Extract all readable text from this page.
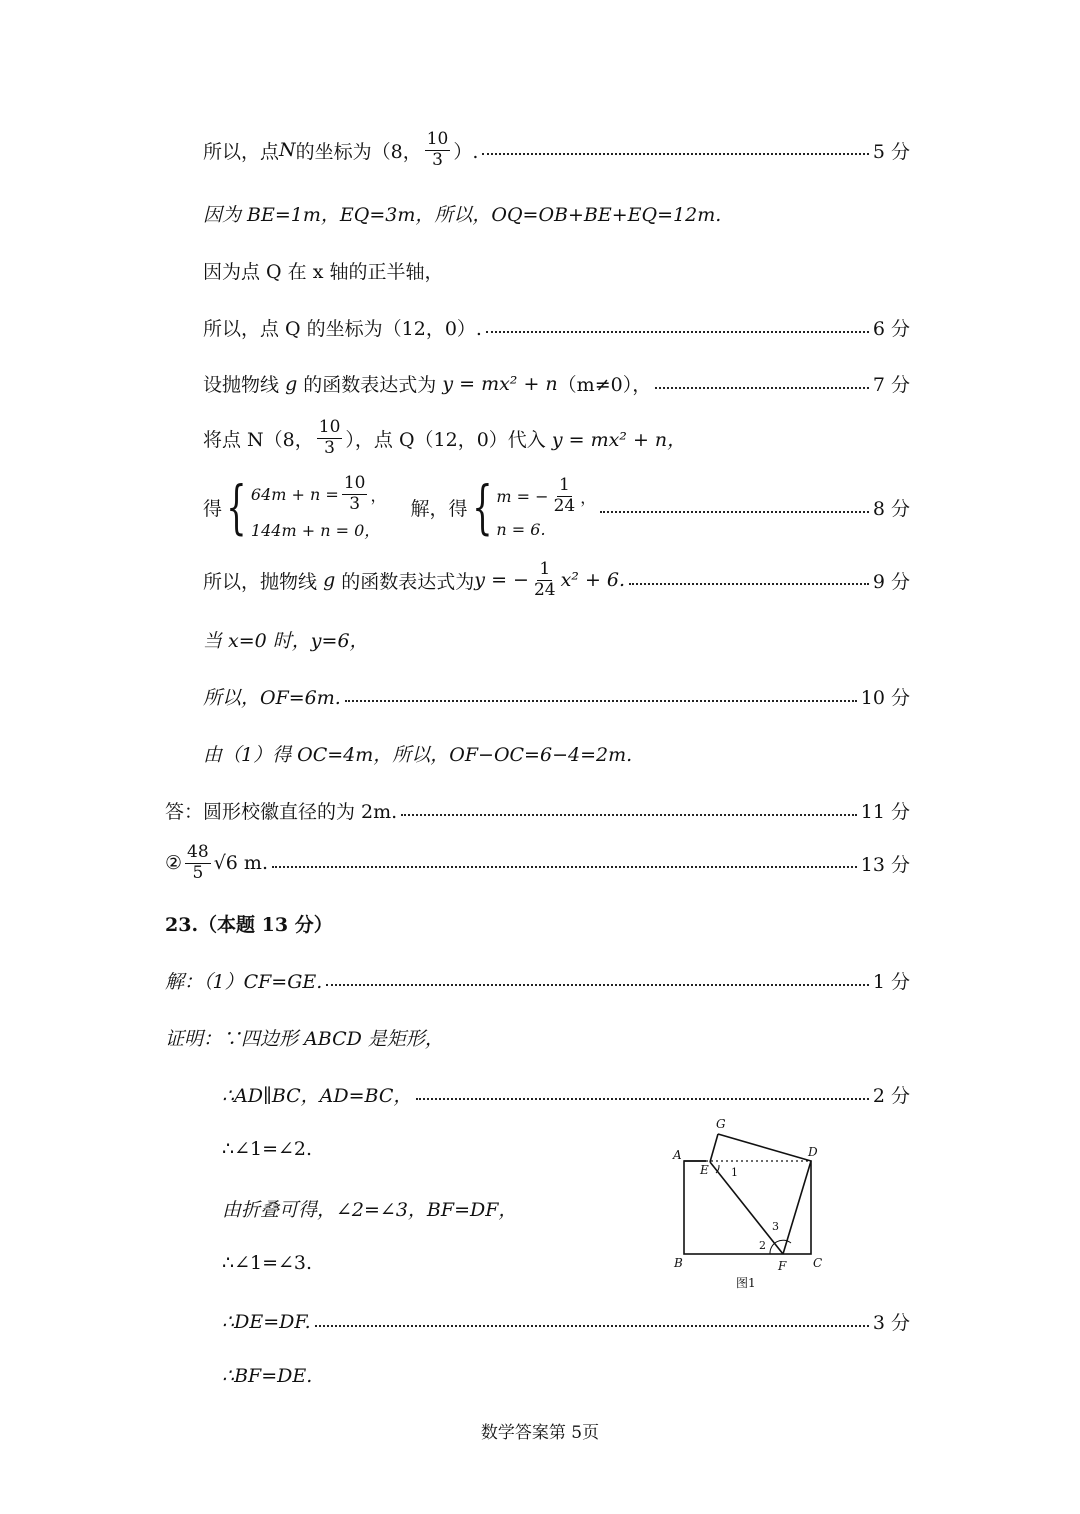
所以，点 N 的坐标为（8， $\frac{10}{3}$ ）.	5 分
因为 BE=1m，EQ=3m，所以，OQ=OB+BE+EQ=12m.
因为点 Q 在 x 轴的正半轴，
所以，点 Q 的坐标为（12，0）.	6 分
设抛物线
g
的函数表达式为
y = mx² + n （m≠0），	7 分
将点 N（8， $\frac{10}{3}$ ），点 Q（12，0）代入
y = mx² + n，
得 { $64m + n = \frac{10}{3}$ ，
144m + n = 0，
解，得 { m = − $\frac{1}{24}$ ，
n = 6.
8 分
所以，抛物线
g
的函数表达式为 y = − $\frac{1}{24} x^2 + 6$.	9 分
当 x=0 时，y=6，
所以，OF=6m.	10 分
由（1）得 OC=4m，所以，OF−OC=6−4=2m.
答：圆形校徽直径的为 2m.	11 分
② $\frac{48}{5} √6$ m.	13 分
23.（本题 13 分）
解：（1）CF=GE.	1 分
证明：∵四边形 ABCD 是矩形，
∴AD∥BC，AD=BC，	2 分
∴∠1=∠2.
由折叠可得，∠2=∠3，BF=DF，
∴∠1=∠3.
∴DE=DF.	3 分
∴BF=DE.
A
B	C
D
E
F
G
1
2
3
图1
数学答案第 5页
